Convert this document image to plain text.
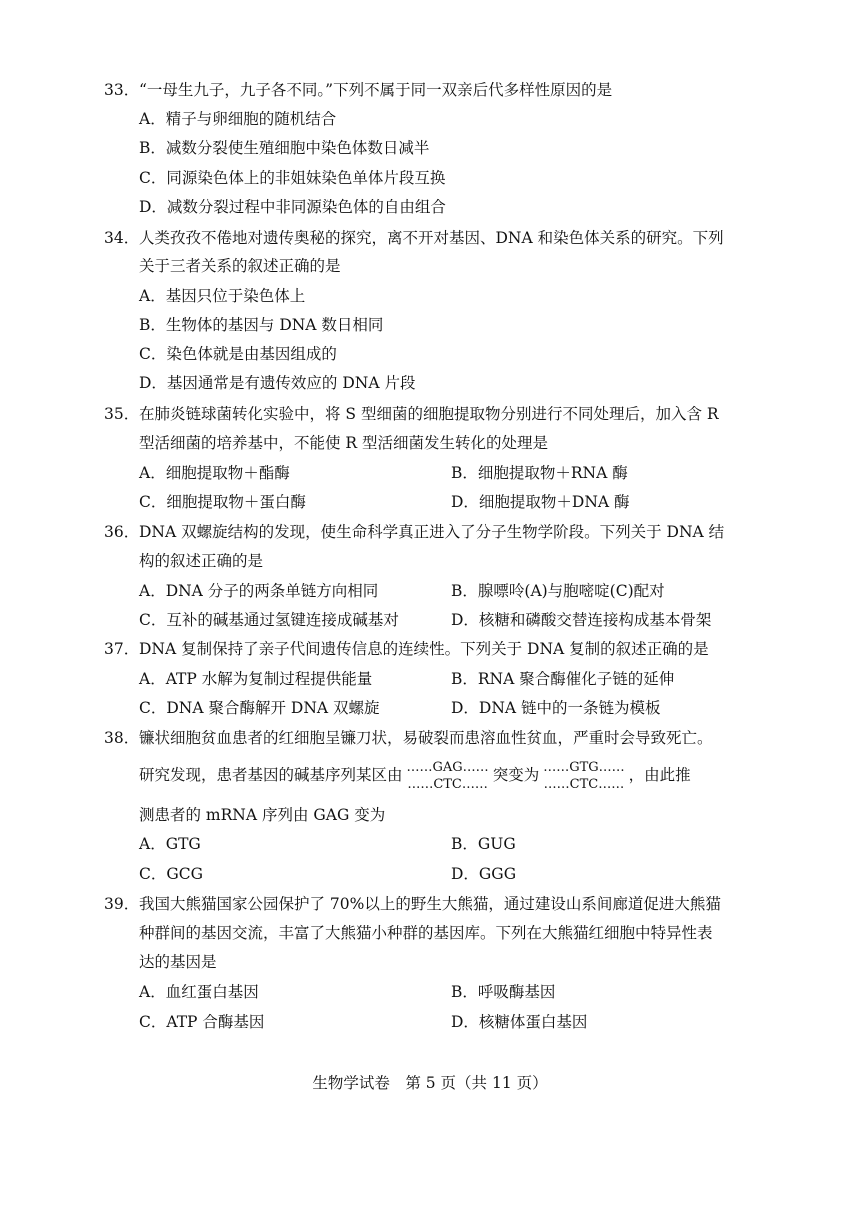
33． “一母生九子，九子各不同。”下列不属于同一双亲后代多样性原因的是
A．精子与卵细胞的随机结合
B．减数分裂使生殖细胞中染色体数日减半
C．同源染色体上的非姐妹染色单体片段互换
D．减数分裂过程中非同源染色体的自由组合
34． 人类孜孜不倦地对遗传奥秘的探究，离不开对基因、DNA 和染色体关系的研究。下列
关于三者关系的叙述正确的是
A．基因只位于染色体上
B．生物体的基因与 DNA 数日相同
C．染色体就是由基因组成的
D．基因通常是有遗传效应的 DNA 片段
35． 在肺炎链球菌转化实验中，将 S 型细菌的细胞提取物分别进行不同处理后，加入含 R
型活细菌的培养基中，不能使 R 型活细菌发生转化的处理是
A．细胞提取物＋酯酶	B．细胞提取物＋RNA 酶
C．细胞提取物＋蛋白酶	D．细胞提取物＋DNA 酶
36． DNA 双螺旋结构的发现，使生命科学真正进入了分子生物学阶段。下列关于 DNA 结
构的叙述正确的是
A．DNA 分子的两条单链方向相同	B．腺嘌呤(A)与胞嘧啶(C)配对
C．互补的碱基通过氢键连接成碱基对	D．核糖和磷酸交替连接构成基本骨架
37． DNA 复制保持了亲子代间遗传信息的连续性。下列关于 DNA 复制的叙述正确的是
A．ATP 水解为复制过程提供能量	B．RNA 聚合酶催化子链的延伸
C．DNA 聚合酶解开 DNA 双螺旋	D．DNA 链中的一条链为模板
38． 镰状细胞贫血患者的红细胞呈镰刀状，易破裂而患溶血性贫血，严重时会导致死亡。
研究发现，患者基因的碱基序列某区由 ……GAG……
……CTC……
突变为 ……GTG……
……CTC……
，由此推
测患者的 mRNA 序列由 GAG 变为
A．GTG	B．GUG
C．GCG	D．GGG
39． 我国大熊猫国家公园保护了 70%以上的野生大熊猫，通过建设山系间廊道促进大熊猫
种群间的基因交流，丰富了大熊猫小种群的基因库。下列在大熊猫红细胞中特异性表
达的基因是
A．血红蛋白基因	B．呼吸酶基因
C．ATP 合酶基因	D．核糖体蛋白基因
生物学试卷　第 5 页（共 11 页）
